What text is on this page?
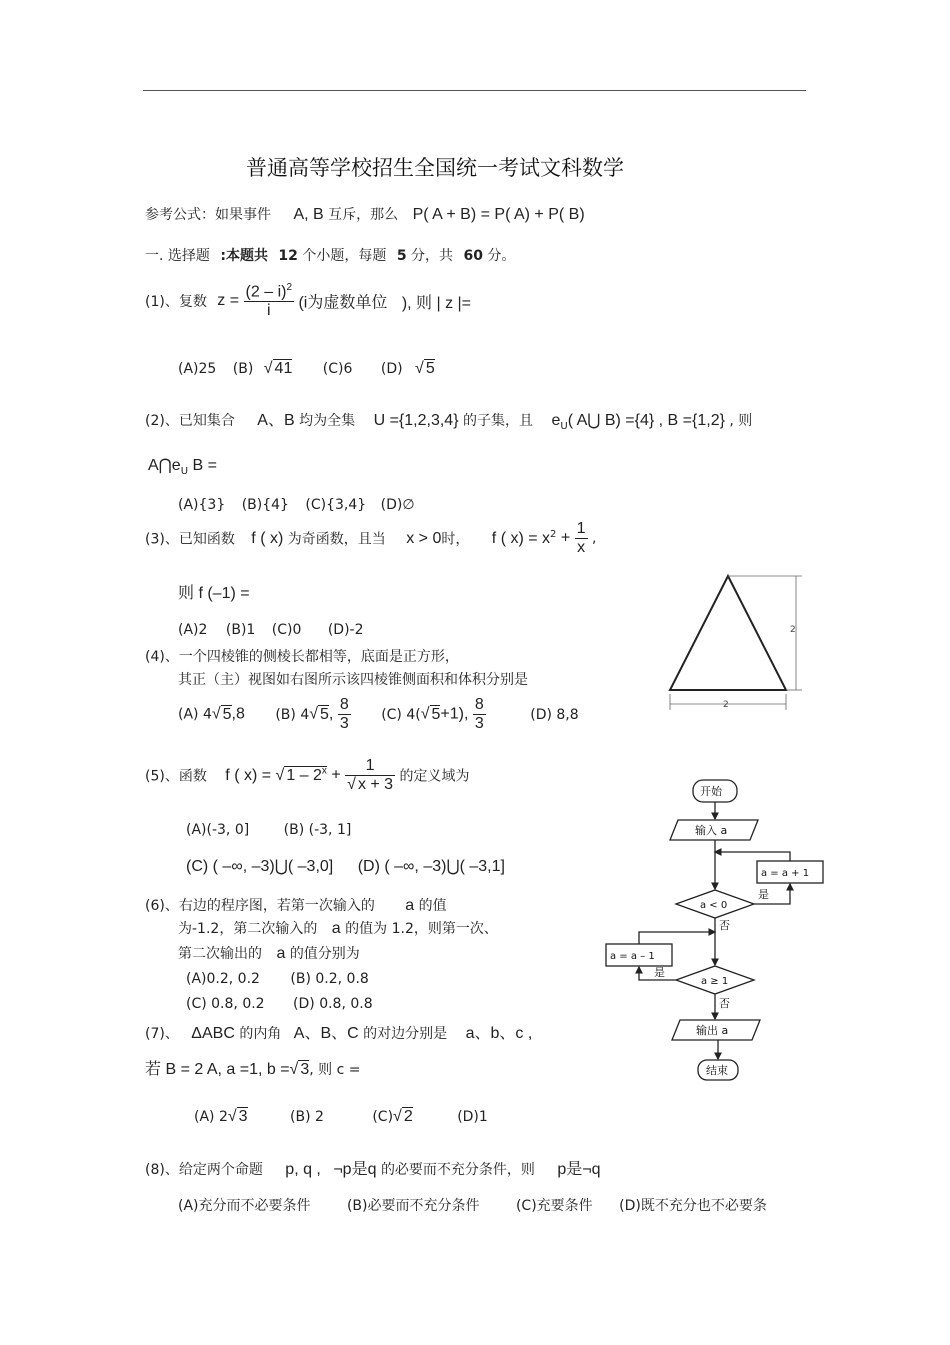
普通高等学校招生全国统一考试文科数学
参考公式：如果事件 A, B 互斥，那么 P( A + B) = P( A) + P( B)
一. 选择题 :本题共 12 个小题，每题 5 分，共 60 分。
(1)、复数 $z = \frac{(2 - i)^2}{i} (i$为虚数单位 ), 则 | z |=
(A)25 (B) √ 41 (C)6 (D) √ 5
(2)、已知集合 A、B 均为全集 U ={1,2,3,4} 的子集，且 $e_U$( A⋃ B) ={4} , B ={1,2} , 则
$A⋂e_U$ B =
(A){3} (B){4} (C){3,4} (D)∅
(3)、已知函数 f ( x) 为奇函数，且当 x > 0时， f ( $x) = x^2 + \frac{1}{x}$ ,
则 f (–1) =
(A)2 (B)1 (C)0 (D)-2
(4)、一个四棱锥的侧棱长都相等，底面是正方形，
其正（主）视图如右图所示该四棱锥侧面积和体积分别是
(A) 4√ 5,8 (B) 4√ 5, $\frac{8}{3} (C)$ 4(√ 5+1), $\frac{8}{3}$	(D) 8,8
(5)、函数 f ( x) = √ $1 - 2^x + \frac{1}{√ x + 3}$ 的定义域为
(A)(-3, 0] (B) (-3, 1]
(C) ( –∞, –3)⋃( –3,0] (D) ( –∞, –3)⋃( –3,1]
(6)、右边的程序图，若第一次输入的 a 的值
为-1.2，第二次输入的 a 的值为 1.2，则第一次、
第二次输出的 a 的值分别为
(A)0.2, 0.2 (B) 0.2, 0.8
(C) 0.8, 0.2 (D) 0.8, 0.8
(7)、 ΔABC 的内角 A、B、C 的对边分别是 a、b、c ,
若 B = 2 A, a =1, b =√ 3, 则 c =
(A) 2√ 3	(B) 2	(C)√ 2	(D)1
(8)、给定两个命题 p, q , ¬p是q 的必要而不充分条件，则 p是¬q
(A)充分而不必要条件	(B)必要而不充分条件	(C)充要条件 (D)既不充分也不必要条
2
2
开始
输入 a
a < 0
a = a + 1
是
否
a = a – 1
a ≥ 1
是
否
输出 a
结束
